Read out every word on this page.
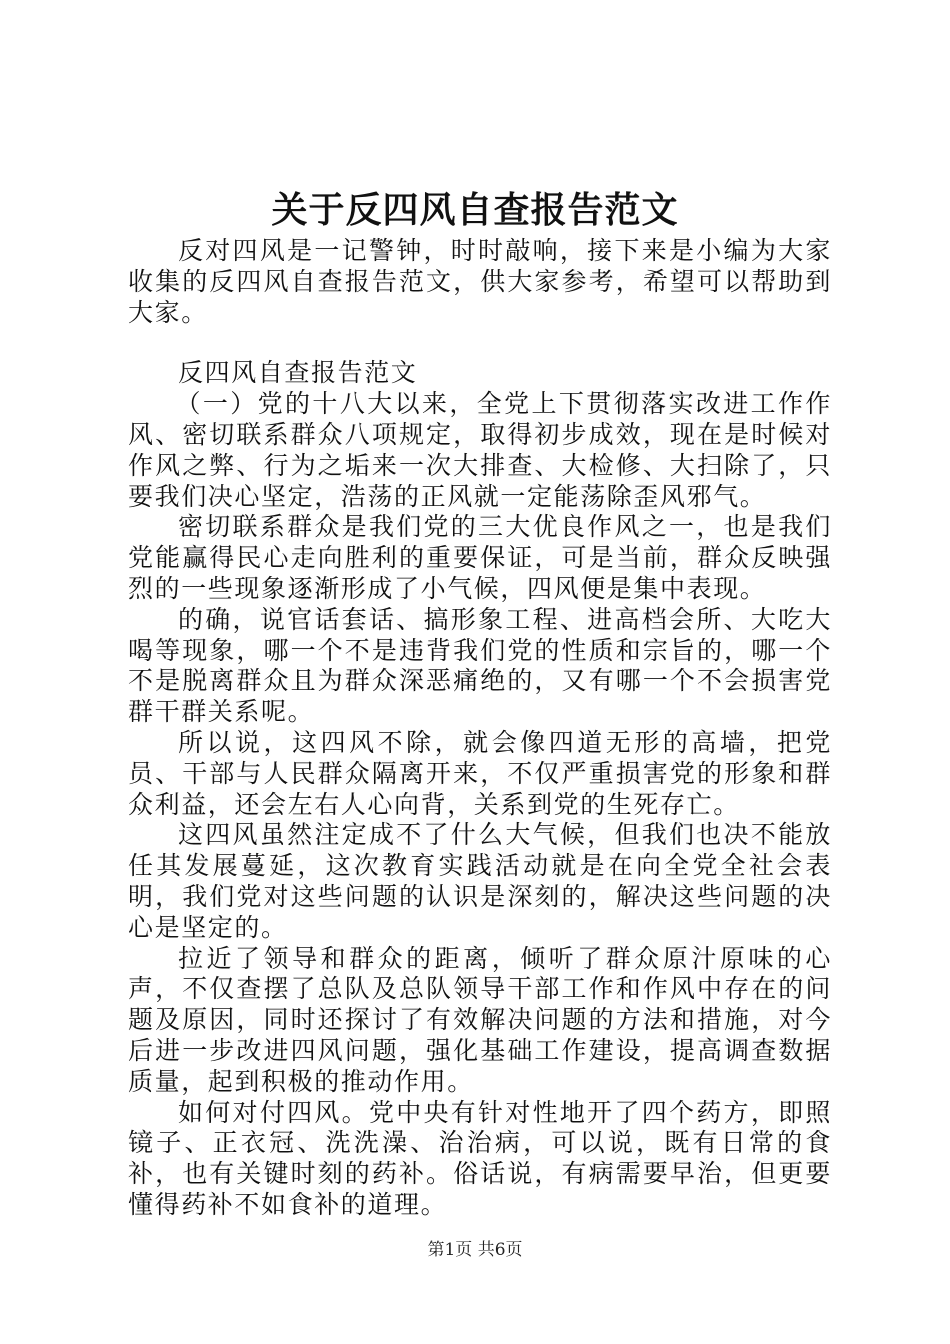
关于反四风自查报告范文

反对四风是一记警钟，时时敲响，接下来是小编为大家收集的反四风自查报告范文，供大家参考，希望可以帮助到大家。

反四风自查报告范文

（一）党的十八大以来，全党上下贯彻落实改进工作作风、密切联系群众八项规定，取得初步成效，现在是时候对作风之弊、行为之垢来一次大排查、大检修、大扫除了，只要我们决心坚定，浩荡的正风就一定能荡除歪风邪气。

密切联系群众是我们党的三大优良作风之一，也是我们党能赢得民心走向胜利的重要保证，可是当前，群众反映强烈的一些现象逐渐形成了小气候，四风便是集中表现。

的确，说官话套话、搞形象工程、进高档会所、大吃大喝等现象，哪一个不是违背我们党的性质和宗旨的，哪一个不是脱离群众且为群众深恶痛绝的，又有哪一个不会损害党群干群关系呢。

所以说，这四风不除，就会像四道无形的高墙，把党员、干部与人民群众隔离开来，不仅严重损害党的形象和群众利益，还会左右人心向背，关系到党的生死存亡。

这四风虽然注定成不了什么大气候，但我们也决不能放任其发展蔓延，这次教育实践活动就是在向全党全社会表明，我们党对这些问题的认识是深刻的，解决这些问题的决心是坚定的。

拉近了领导和群众的距离，倾听了群众原汁原味的心声，不仅查摆了总队及总队领导干部工作和作风中存在的问题及原因，同时还探讨了有效解决问题的方法和措施，对今后进一步改进四风问题，强化基础工作建设，提高调查数据质量，起到积极的推动作用。

如何对付四风。党中央有针对性地开了四个药方，即照镜子、正衣冠、洗洗澡、治治病，可以说，既有日常的食补，也有关键时刻的药补。俗话说，有病需要早治，但更要懂得药补不如食补的道理。

第1页 共6页
